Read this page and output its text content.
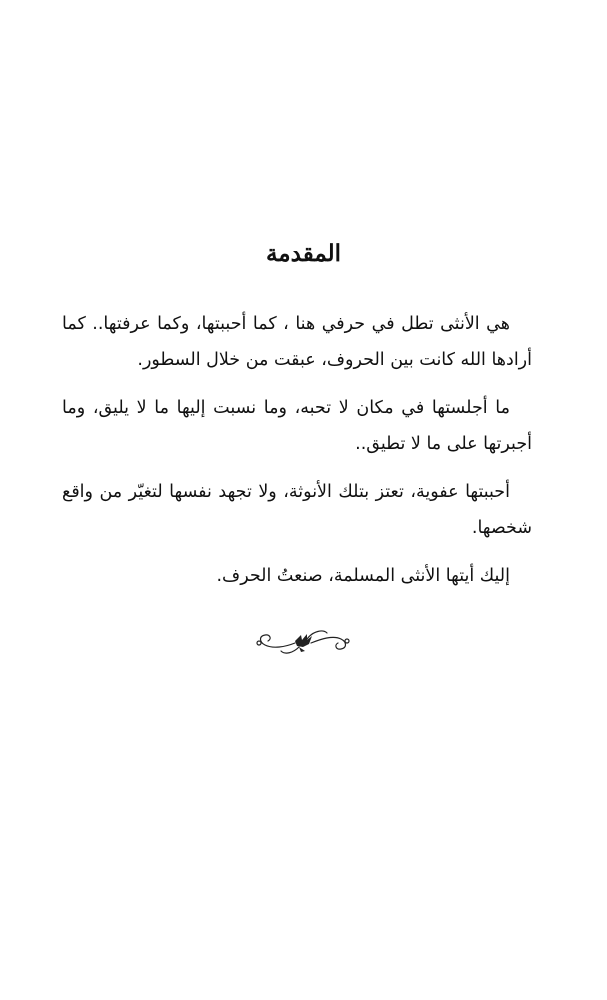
المقدمة

هي الأنثى تطل في حرفي هنا ، كما أحببتها، وكما عرفتها.. كما أرادها الله كانت بين الحروف، عبقت من خلال السطور.

ما أجلستها في مكان لا تحبه، وما نسبت إليها ما لا يليق، وما أجبرتها على ما لا تطيق..

أحببتها عفوية، تعتز بتلك الأنوثة، ولا تجهد نفسها لتغيّر من واقع شخصها.

إليك أيتها الأنثى المسلمة، صنعتُ الحرف.
